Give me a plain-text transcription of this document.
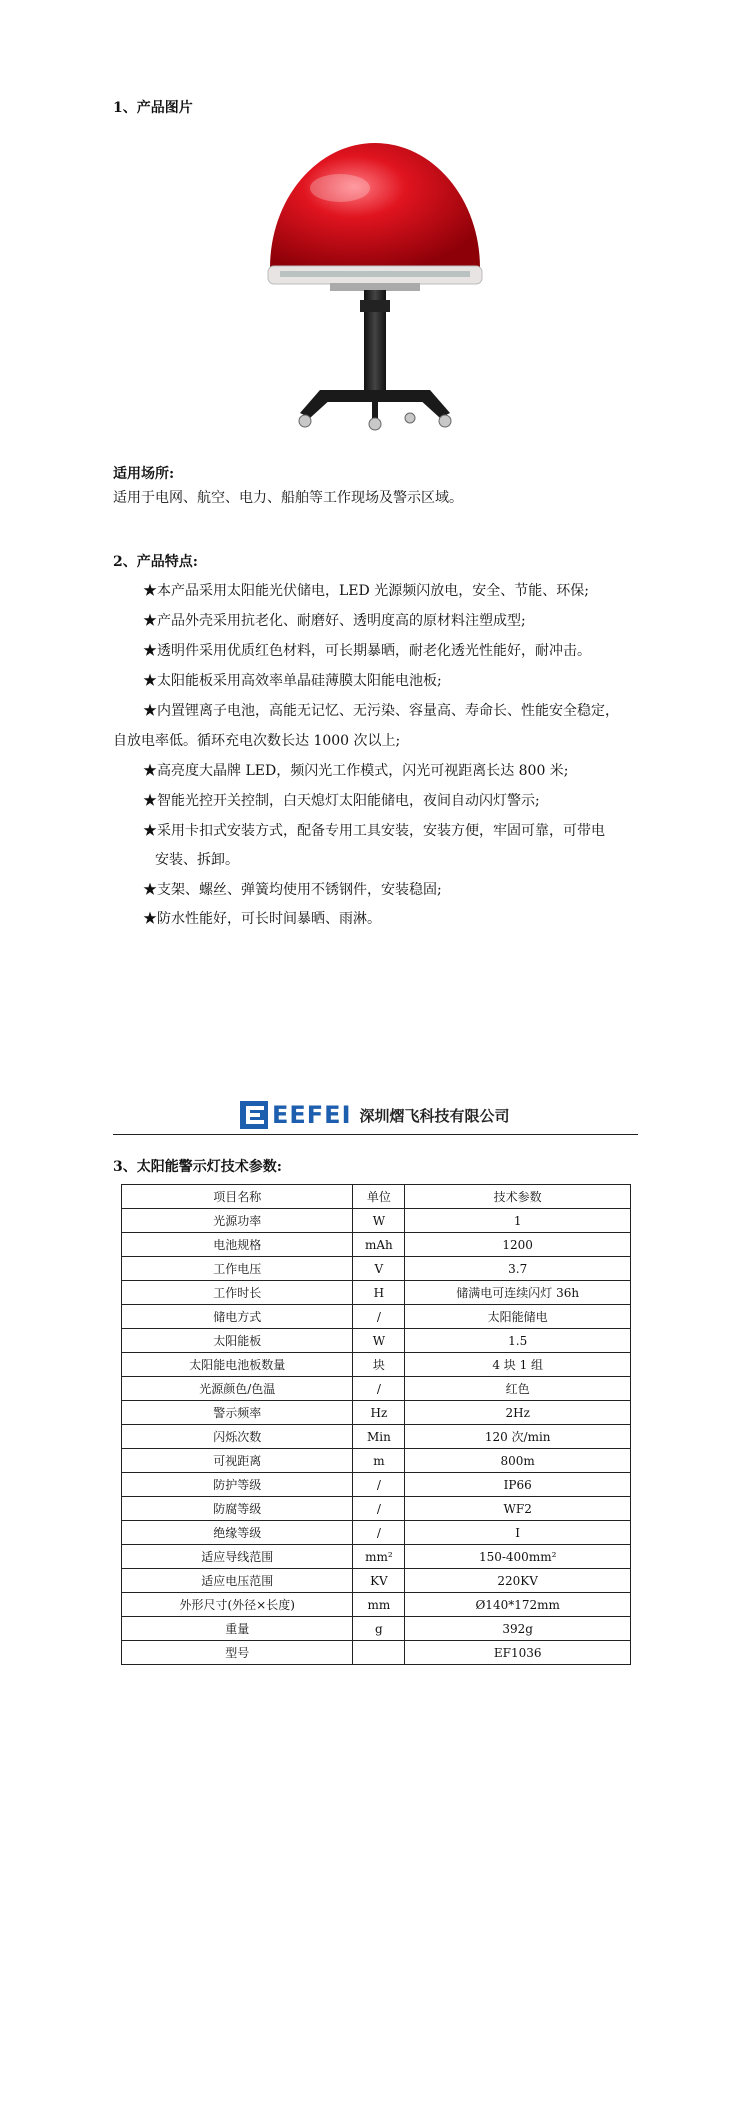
1、产品图片
适用场所:
适用于电网、航空、电力、船舶等工作现场及警示区域。
2、产品特点:
★本产品采用太阳能光伏储电，LED 光源频闪放电，安全、节能、环保;
★产品外壳采用抗老化、耐磨好、透明度高的原材料注塑成型;
★透明件采用优质红色材料，可长期暴晒，耐老化透光性能好，耐冲击。
★太阳能板采用高效率单晶硅薄膜太阳能电池板;
★内置锂离子电池，高能无记忆、无污染、容量高、寿命长、性能安全稳定，
自放电率低。循环充电次数长达 1000 次以上;
★高亮度大晶牌 LED，频闪光工作模式，闪光可视距离长达 800 米;
★智能光控开关控制，白天熄灯太阳能储电，夜间自动闪灯警示;
★采用卡扣式安装方式，配备专用工具安装，安装方便，牢固可靠，可带电
安装、拆卸。
★支架、螺丝、弹簧均使用不锈钢件，安装稳固;
★防水性能好，可长时间暴晒、雨淋。
EEFEI 深圳熠飞科技有限公司
3、太阳能警示灯技术参数:
项目名称	单位	技术参数
光源功率	W	1
电池规格	mAh	1200
工作电压	V	3.7
工作时长	H	储满电可连续闪灯 36h
储电方式	/	太阳能储电
太阳能板	W	1.5
太阳能电池板数量	块	4 块 1 组
光源颜色/色温	/	红色
警示频率	Hz	2Hz
闪烁次数	Min	120 次/min
可视距离	m	800m
防护等级	/	IP66
防腐等级	/	WF2
绝缘等级	/	I
适应导线范围	mm²	150-400mm²
适应电压范围	KV	220KV
外形尺寸(外径×长度)	mm	Ø140*172mm
重量	g	392g
型号		EF1036
